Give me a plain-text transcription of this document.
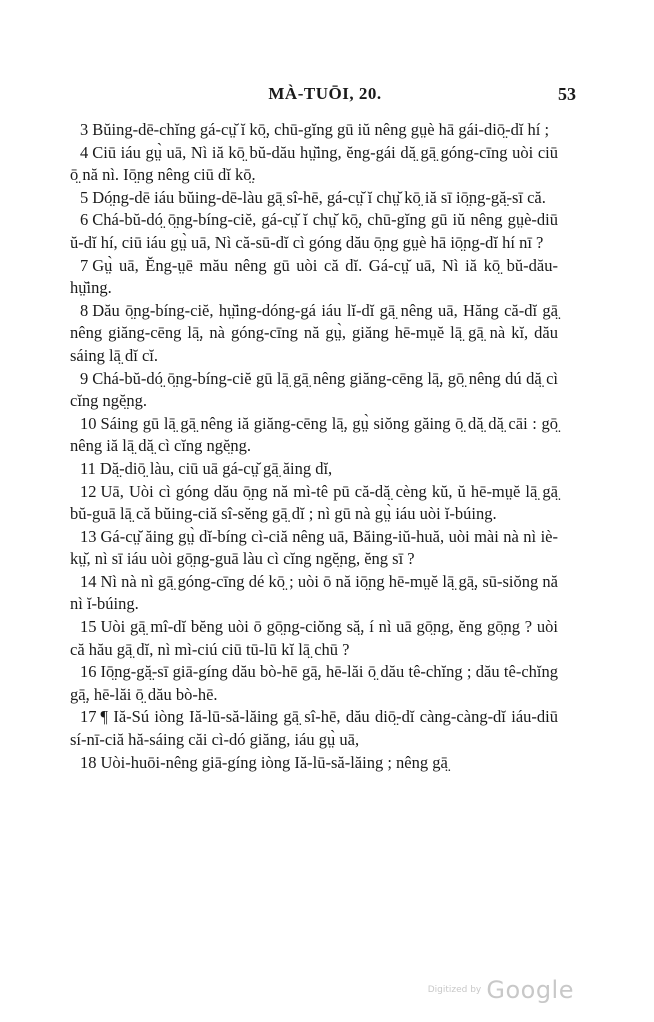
MÀ-TUŌI, 20.	53

3 Bŭing-dē-chĭng gá-cṳ̆ ĭ kō̤, chū-gĭng gū iŭ nêng gṳè hā gái-diō̤-dĭ hí ;

4 Ciū iáu gṳ̀ uā, Nì iă kō̤ bŭ-dău hṳ̆ing, ĕng-gái dă̤ gā̤ góng-cīng uòi ciū ō̤ nă nì. Iō̤ng nêng ciū dĭ kō̤.

5 Dó̤ng-dē iáu bŭing-dē-làu gā̤ sî-hē, gá-cṳ̆ ĭ chṳ̆ kō̤ iă sī iō̤ng-gă̤-sī că.

6 Chá-bŭ-dó̤ ō̤ng-bíng-ciĕ, gá-cṳ̆ ĭ chṳ̆ kō̤, chū-gĭng gū iŭ nêng gṳè-diū ŭ-dĭ hí, ciū iáu gṳ̀ uā, Nì că-sū-dĭ cì góng dău ō̤ng gṳè hā iō̤ng-dĭ hí nī ?

7 Gṳ̀ uā, Ĕng-ṳē mău nêng gū uòi că dĭ. Gá-cṳ̆ uā, Nì iă kō̤ bŭ-dău-hṳ̆ing.

8 Dău ō̤ng-bíng-ciĕ, hṳ̆ing-dóng-gá iáu lĭ-dĭ gā̤ nêng uā, Hăng că-dĭ gā̤ nêng giăng-cēng lā̤, nà góng-cīng nă gṳ̀, giăng hē-mṳĕ lā̤ gā̤ nà kĭ, dău sáing lā̤ dĭ cĭ.

9 Chá-bŭ-dó̤ ō̤ng-bíng-ciĕ gū lā̤ gā̤ nêng giăng-cēng lā̤, gō̤ nêng dú dă̤ cì cĭng ngĕ̤ng.

10 Sáing gū lā̤ gā̤ nêng iă giăng-cēng lā̤, gṳ̀ siŏng găing ō̤ dă̤ dă̤ cāi : gō̤ nêng iă lā̤ dă̤ cì cĭng ngĕ̤ng.

11 Dă̤-diō̤ làu, ciū uā gá-cṳ̆ gā̤ ăing dĭ,

12 Uā, Uòi cì góng dău ō̤ng nă mì-tê pū că-dă̤ cèng kŭ, ŭ hē-mṳĕ lā̤ gā̤ bŭ-guā lā̤ că bŭing-ciă sî-sĕng gā̤ dĭ ; nì gū nà gṳ̀ iáu uòi ĭ-búing.

13 Gá-cṳ̆ ăing gṳ̀ dĭ-bíng cì-ciă nêng uā, Băing-iŭ-huă, uòi mài nà nì iè-kṳ̆, nì sī iáu uòi gō̤ng-guā làu cì cĭng ngĕ̤ng, ĕng sī ?

14 Nì nà nì gā̤ góng-cīng dé kō̤ ; uòi ō nă iō̤ng hē-mṳĕ lā̤ gā̤, sū-siŏng nă nì ĭ-búing.

15 Uòi gā̤ mî-dĭ bĕng uòi ō gō̤ng-ciŏng să̤, í nì uā gō̤ng, ĕng gō̤ng ? uòi că hău gā̤ dĭ, nì mì-ciú ciū tū-lū kĭ lā̤ chū ?

16 Iō̤ng-gă̤-sī giā-gíng dău bò-hē gā̤, hē-lăi ō̤ dău tê-chĭng ; dău tê-chĭng gā̤, hē-lăi ō̤ dău bò-hē.

17 ¶ Iă-Sú iòng Iă-lū-să-lăing gā̤ sî-hē, dău diō̤-dĭ càng-càng-dĭ iáu-diū sí-nī-ciă hă-sáing căi cì-dó giăng, iáu gṳ̀ uā,

18 Uòi-huōi-nêng giā-gíng iòng Iă-lū-să-lăing ; nêng gā̤

Digitized by Google
